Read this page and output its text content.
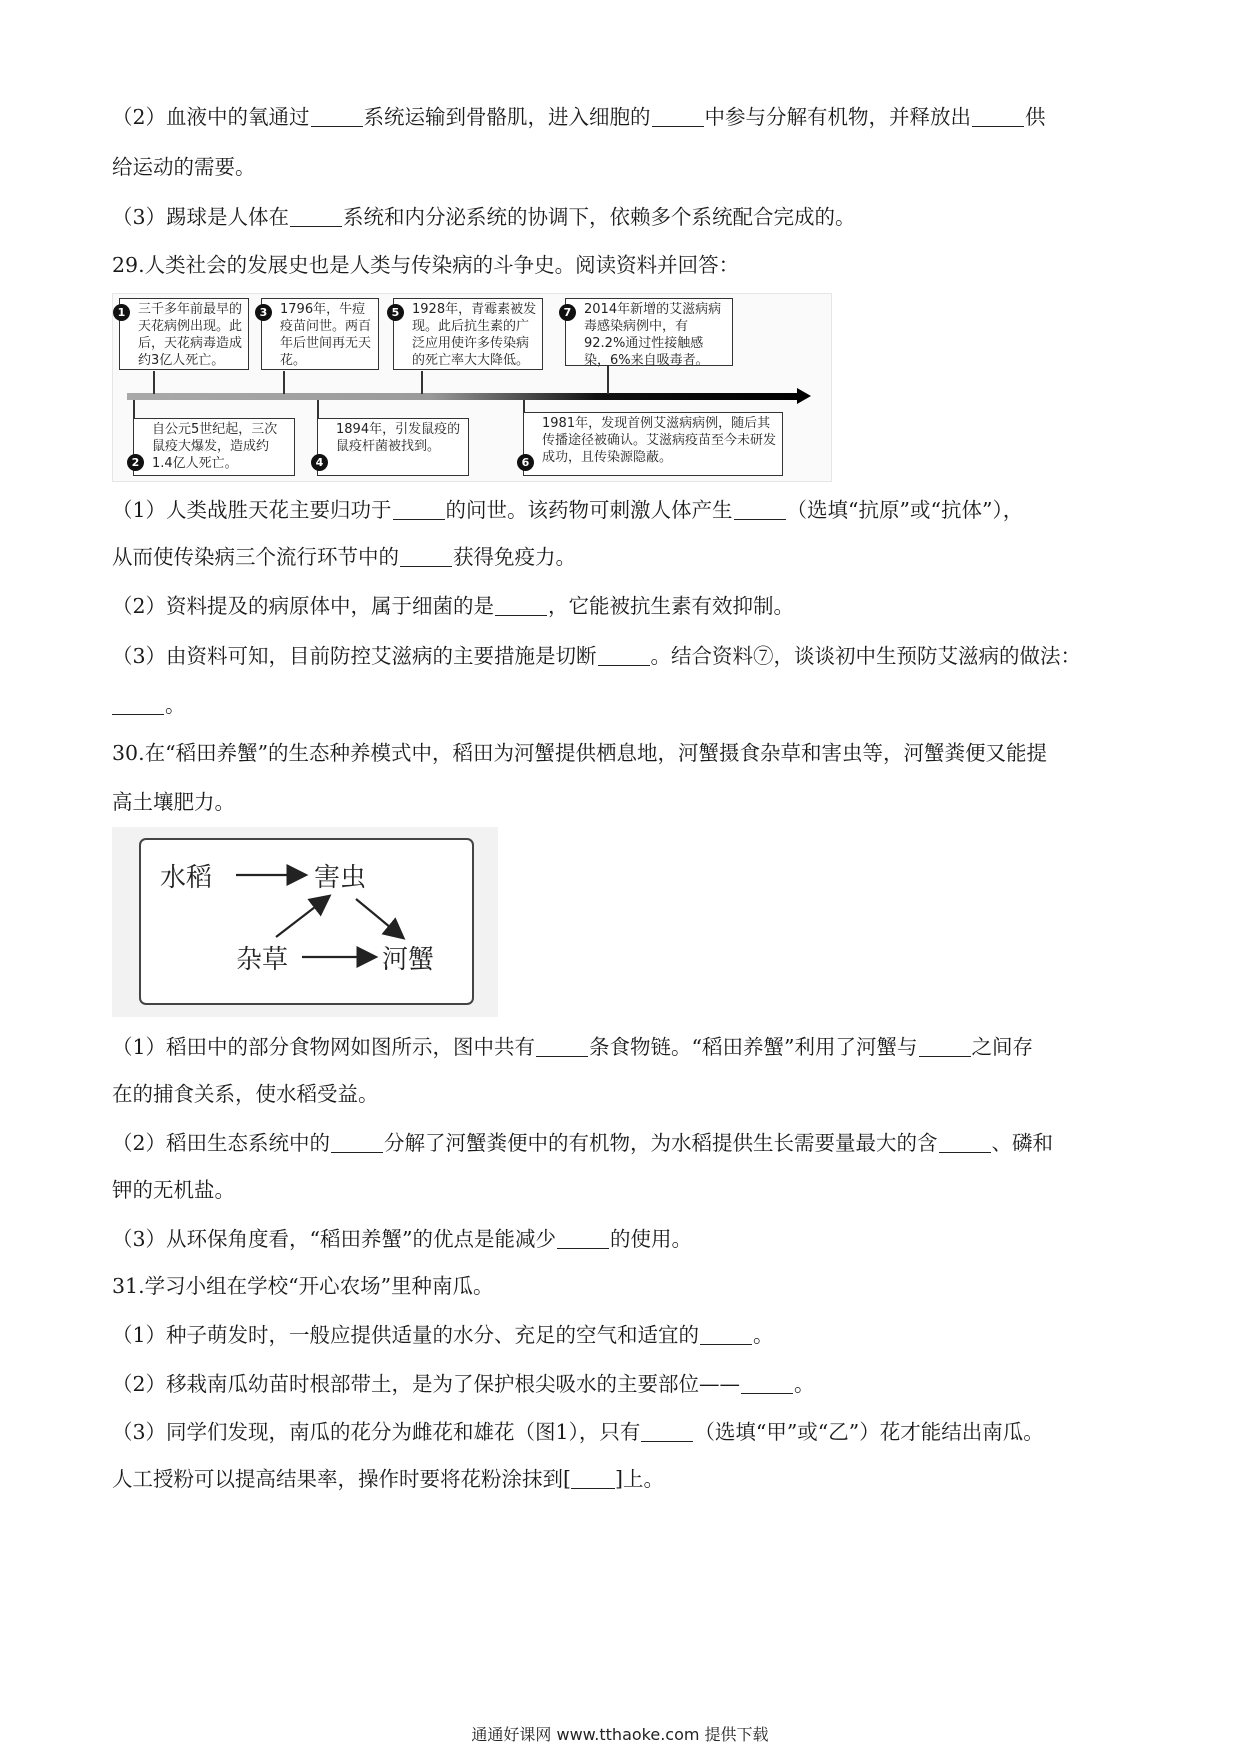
（2）血液中的氧通过	系统运输到骨骼肌，进入细胞的	中参与分解有机物，并释放出	供
给运动的需要。
（3）踢球是人体在	系统和内分泌系统的协调下，依赖多个系统配合完成的。
29.人类社会的发展史也是人类与传染病的斗争史。阅读资料并回答：
三千多年前最早的天花病例出现。此后，天花病毒造成约3亿人死亡。
1	1796年，牛痘疫苗问世。两百年后世间再无天花。
3	1928年，青霉素被发现。此后抗生素的广泛应用使许多传染病的死亡率大大降低。
5	2014年新增的艾滋病病毒感染病例中，有92.2%通过性接触感染，6%来自吸毒者。
7
自公元5世纪起，三次鼠疫大爆发，造成约1.4亿人死亡。
2
1894年，引发鼠疫的鼠疫杆菌被找到。
4
1981年，发现首例艾滋病病例，随后其传播途径被确认。艾滋病疫苗至今未研发成功，且传染源隐蔽。
6
（1）人类战胜天花主要归功于	的问世。该药物可刺激人体产生	（选填“抗原”或“抗体”），
从而使传染病三个流行环节中的	获得免疫力。
（2）资料提及的病原体中，属于细菌的是	，它能被抗生素有效抑制。
（3）由资料可知，目前防控艾滋病的主要措施是切断	。结合资料⑦，谈谈初中生预防艾滋病的做法：
。
30.在“稻田养蟹”的生态种养模式中，稻田为河蟹提供栖息地，河蟹摄食杂草和害虫等，河蟹粪便又能提
高土壤肥力。
水稻	害虫
杂草	河蟹
（1）稻田中的部分食物网如图所示，图中共有	条食物链。“稻田养蟹”利用了河蟹与	之间存
在的捕食关系，使水稻受益。
（2）稻田生态系统中的	分解了河蟹粪便中的有机物，为水稻提供生长需要量最大的含	、磷和
钾的无机盐。
（3）从环保角度看，“稻田养蟹”的优点是能减少	的使用。
31.学习小组在学校“开心农场”里种南瓜。
（1）种子萌发时，一般应提供适量的水分、充足的空气和适宜的	。
（2）移栽南瓜幼苗时根部带土，是为了保护根尖吸水的主要部位——	。
（3）同学们发现，南瓜的花分为雌花和雄花（图1），只有	（选填“甲”或“乙”）花才能结出南瓜。
人工授粉可以提高结果率，操作时要将花粉涂抹到[ ]上。
通通好课网 www.tthaoke.com 提供下载
